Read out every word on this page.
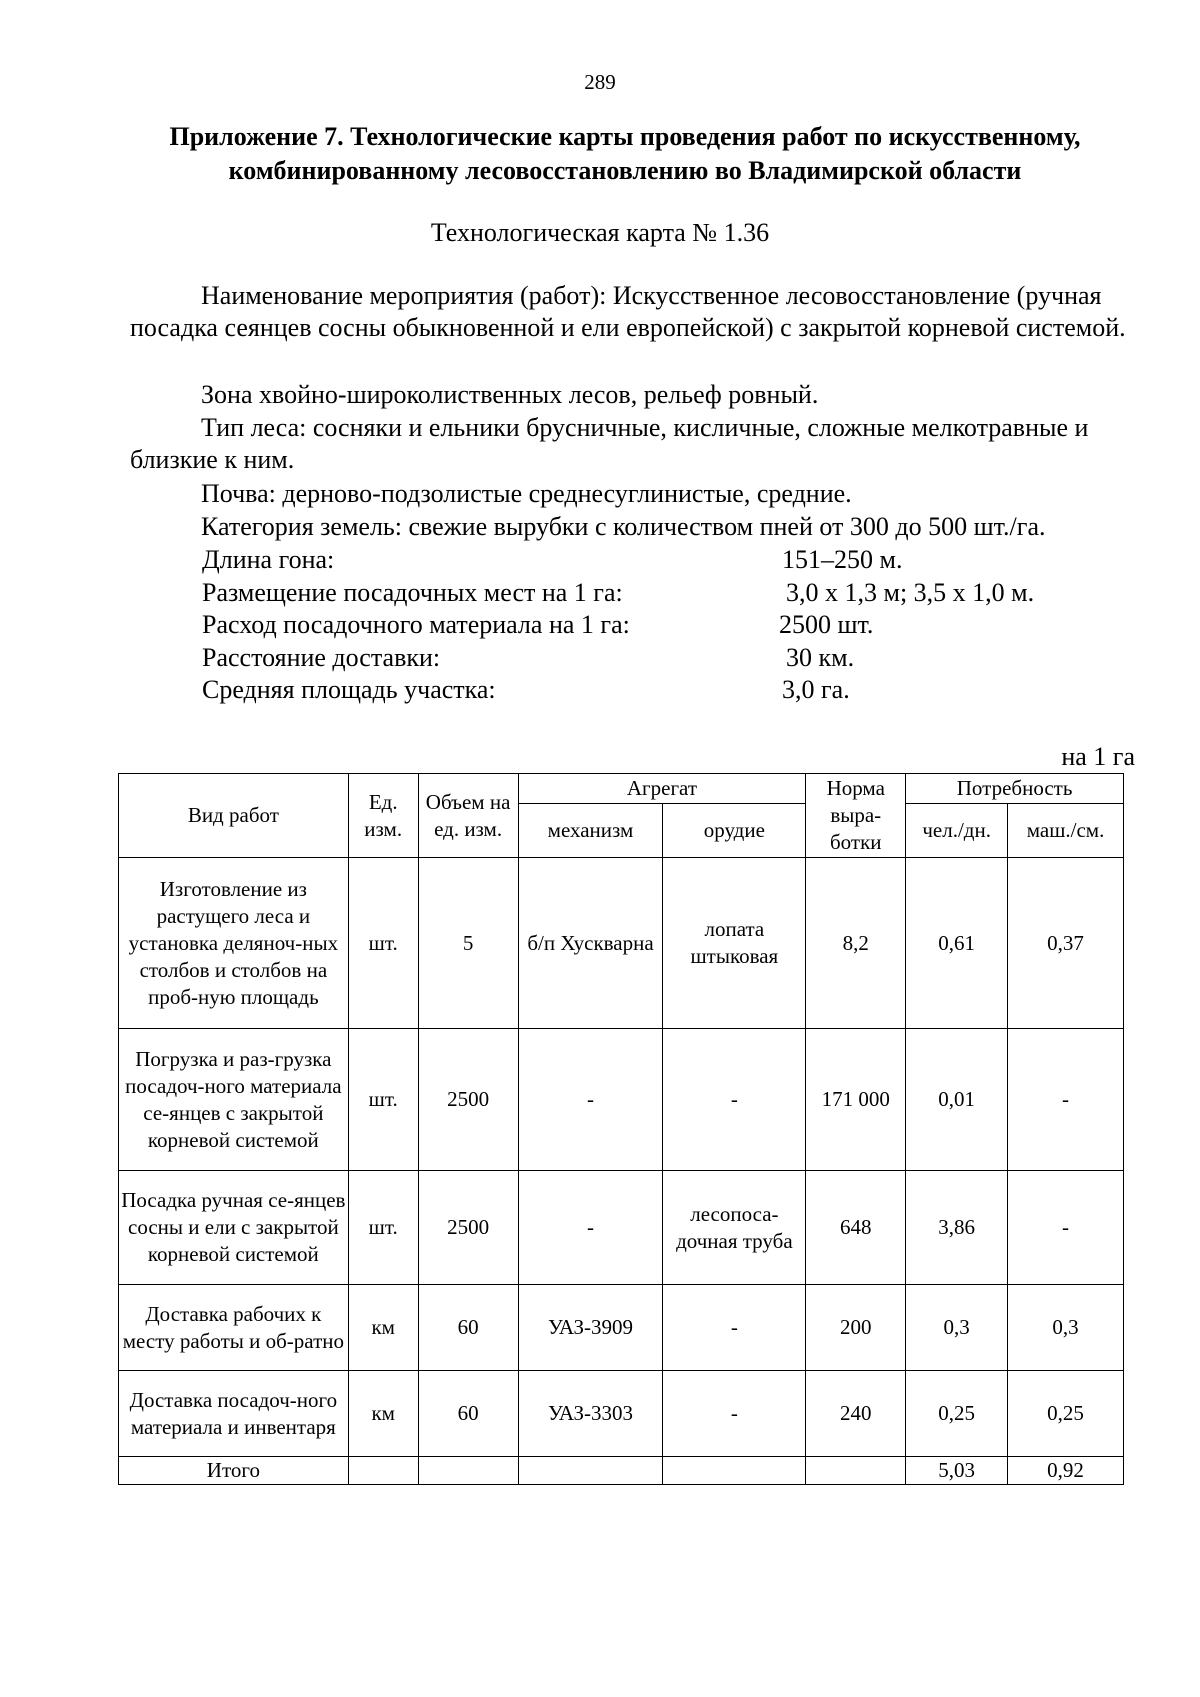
289
Приложение 7. Технологические карты проведения работ по искусственному,
комбинированному лесовосстановлению во Владимирской области
Технологическая карта № 1.36
Наименование мероприятия (работ): Искусственное лесовосстановление (ручная посадка сеянцев сосны обыкновенной и ели европейской) с закрытой корневой системой.
Зона хвойно-широколиственных лесов, рельеф ровный.
Тип леса: сосняки и ельники брусничные, кисличные, сложные мелкотравные и близкие к ним.
Почва: дерново-подзолистые среднесуглинистые, средние.
Категория земель: свежие вырубки с количеством пней от 300 до 500 шт./га.
Длина гона:	151–250 м.
Размещение посадочных мест на 1 га:	3,0 х 1,3 м; 3,5 х 1,0 м.
Расход посадочного материала на 1 га:	2500 шт.
Расстояние доставки:	30 км.
Средняя площадь участка:	3,0 га.
на 1 га
Вид работ	Ед. изм.	Объем на ед. изм.	Агрегат		Норма выра-ботки	Потребность	
			механизм	орудие		чел./дн.	маш./см.
Изготовление из растущего леса и установка деляноч-ных столбов и столбов на проб-ную площадь	шт.	5	б/п Хускварна	лопата штыковая	8,2	0,61	0,37
Погрузка и раз-грузка посадоч-ного материала се-янцев с закрытой корневой системой	шт.	2500	-	-	171 000	0,01	-
Посадка ручная се-янцев сосны и ели с закрытой корневой системой	шт.	2500	-	лесопоса-дочная труба	648	3,86	-
Доставка рабочих к месту работы и об-ратно	км	60	УАЗ-3909	-	200	0,3	0,3
Доставка посадоч-ного материала и инвентаря	км	60	УАЗ-3303	-	240	0,25	0,25
Итого						5,03	0,92
